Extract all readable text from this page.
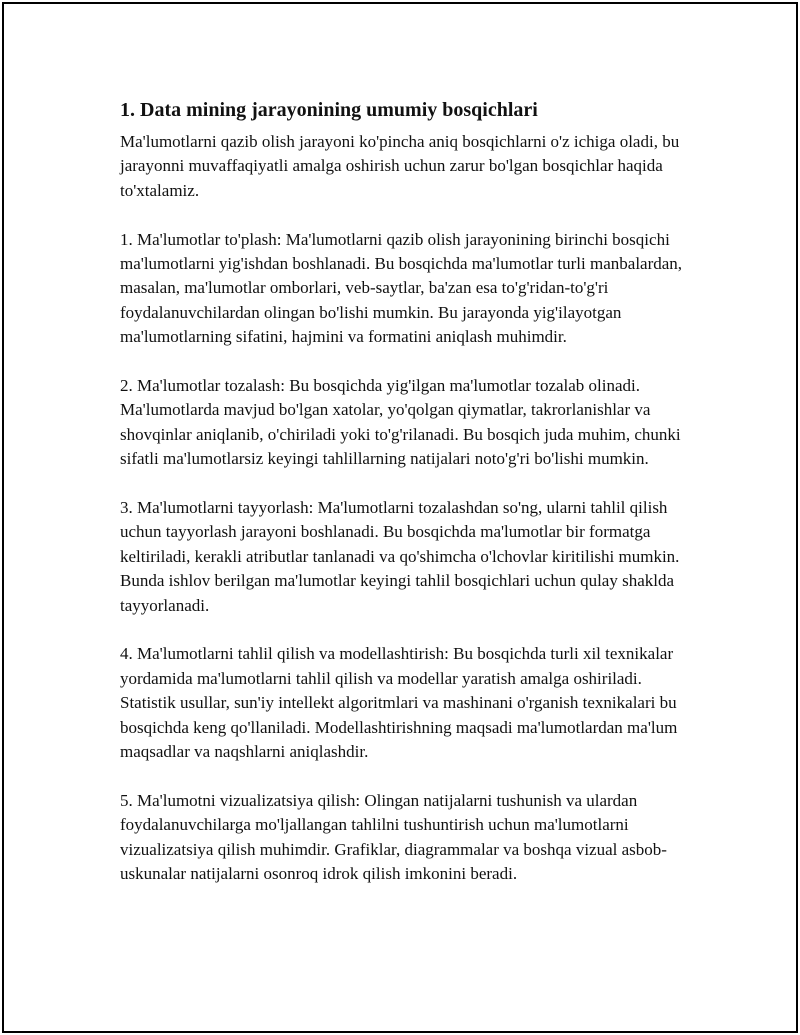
1. Data mining jarayonining umumiy bosqichlari

Ma'lumotlarni qazib olish jarayoni ko'pincha aniq bosqichlarni o'z ichiga oladi, bu jarayonni muvaffaqiyatli amalga oshirish uchun zarur bo'lgan bosqichlar haqida to'xtalamiz.

1. Ma'lumotlar to'plash: Ma'lumotlarni qazib olish jarayonining birinchi bosqichi ma'lumotlarni yig'ishdan boshlanadi. Bu bosqichda ma'lumotlar turli manbalardan, masalan, ma'lumotlar omborlari, veb-saytlar, ba'zan esa to'g'ridan-to'g'ri foydalanuvchilardan olingan bo'lishi mumkin. Bu jarayonda yig'ilayotgan ma'lumotlarning sifatini, hajmini va formatini aniqlash muhimdir.

2. Ma'lumotlar tozalash: Bu bosqichda yig'ilgan ma'lumotlar tozalab olinadi. Ma'lumotlarda mavjud bo'lgan xatolar, yo'qolgan qiymatlar, takrorlanishlar va shovqinlar aniqlanib, o'chiriladi yoki to'g'rilanadi. Bu bosqich juda muhim, chunki sifatli ma'lumotlarsiz keyingi tahlillarning natijalari noto'g'ri bo'lishi mumkin.

3. Ma'lumotlarni tayyorlash: Ma'lumotlarni tozalashdan so'ng, ularni tahlil qilish uchun tayyorlash jarayoni boshlanadi. Bu bosqichda ma'lumotlar bir formatga keltiriladi, kerakli atributlar tanlanadi va qo'shimcha o'lchovlar kiritilishi mumkin. Bunda ishlov berilgan ma'lumotlar keyingi tahlil bosqichlari uchun qulay shaklda tayyorlanadi.

4. Ma'lumotlarni tahlil qilish va modellashtirish: Bu bosqichda turli xil texnikalar yordamida ma'lumotlarni tahlil qilish va modellar yaratish amalga oshiriladi. Statistik usullar, sun'iy intellekt algoritmlari va mashinani o'rganish texnikalari bu bosqichda keng qo'llaniladi. Modellashtirishning maqsadi ma'lumotlardan ma'lum maqsadlar va naqshlarni aniqlashdir.

5. Ma'lumotni vizualizatsiya qilish: Olingan natijalarni tushunish va ulardan foydalanuvchilarga mo'ljallangan tahlilni tushuntirish uchun ma'lumotlarni vizualizatsiya qilish muhimdir. Grafiklar, diagrammalar va boshqa vizual asbob-uskunalar natijalarni osonroq idrok qilish imkonini beradi.
